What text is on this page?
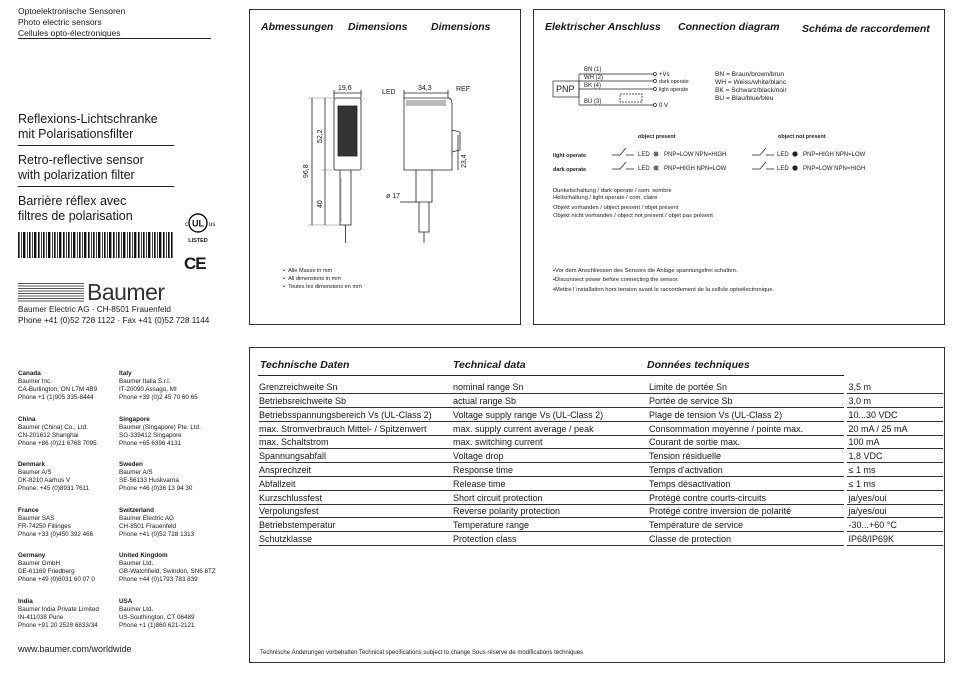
Optoelektronische Sensoren
Photo electric sensors
Cellules opto-électroniques
Reflexions-Lichtschranke
mit Polarisationsfilter
Retro-reflective sensor
with polarization filter
Barrière réflex avec
filtres de polarisation
UL
c	us
LISTED
CE
Baumer
Baumer Electric AG · CH-8501 Frauenfeld
Phone +41 (0)52 728 1122 · Fax +41 (0)52 728 1144
Canada
Baumer Inc.
CA-Burlington, ON L7M 4B9
Phone +1 (1)905 335-8444
Italy
Baumer Italia S.r.l.
IT-20090 Assago, MI
Phone +39 (0)2 45 70 60 65
China
Baumer (China) Co., Ltd.
CN-201612 Shanghai
Phone +86 (0)21 6768 7095
Singapore
Baumer (Singapore) Pte. Ltd.
SG-339412 Singapore
Phone +65 6396 4131
Denmark
Baumer A/S
DK-8210 Aarhus V
Phone: +45 (0)8931 7611
Sweden
Baumer A/S
SE-56133 Huskvarna
Phone +46 (0)36 13 94 30
France
Baumer SAS
FR-74250 Fillinges
Phone +33 (0)450 392 466
Switzerland
Baumer Electric AG
CH-8501 Frauenfeld
Phone +41 (0)52 728 1313
Germany
Baumer GmbH
DE-61169 Friedberg
Phone +49 (0)6031 60 07 0
United Kingdom
Baumer Ltd.
GB-Watchfield, Swindon, SN6 8TZ
Phone +44 (0)1793 783 839
India
Baumer India Private Limited
IN-411038 Pune
Phone +91 20 2528 6833/34
USA
Baumer Ltd.
US-Southington, CT 06489
Phone +1 (1)860 621-2121
www.baumer.com/worldwide
Abmessungen Dimensions Dimensions
19,6
LED
34,3	REF
96,8
52,2
40
23,4
ø 17
•  Alle Masse in mm
•  All dimensions in mm
•  Toutes les dimensions en mm
Elektrischer Anschluss Connection diagram Schéma de raccordement
PNP
BN (1)
WH (2)
BK (4)
BU (3)
+Vs
dark operate
light operate
0 V
BN = Braun/brown/brun
WH = Weiss/white/blanc
BK = Schwarz/black/noir
BU = Blau/blue/bleu
object present	object not present
light operate
dark operate
LED
LED
LED
LED
PNP=LOW NPN=HIGH
PNP=HIGH NPN=LOW
PNP=HIGH NPN=LOW
PNP=LOW NPN=HIGH
Dunkelschaltung / dark operate / com. sombre
Hellschaltung / light operate / com. claire
Objekt vorhanden / object present / objet présent
Objekt nicht vorhanden / object not present / objet pas présent
•Vor dem Anschliessen des Sensors die Anlage spannungsfrei schalten.
•Disconnect power before connecting the sensor.
•Mettre l´installation hors tension avant le raccordement de la cellule optoélectronique.
Technische Daten	Technical data	Données techniques
Grenzreichweite Sn	nominal range Sn	Limite de portée Sn	3,5 m
Betriebsreichweite Sb	actual range Sb	Portée de service Sb	3,0 m
Betriebsspannungsbereich Vs (UL-Class 2)	Voltage supply range Vs (UL-Class 2)	Plage de tension Vs (UL-Class 2)	10...30 VDC
max. Stromverbrauch Mittel- / Spitzenwert	max. supply current average / peak	Consommation moyenne / pointe max.	20 mA / 25 mA
max. Schaltstrom	max. switching current	Courant de sortie max.	100 mA
Spannungsabfall	Voltage drop	Tension résiduelle	1,8 VDC
Ansprechzeit	Response time	Temps d'activation	≤ 1 ms
Abfallzeit	Release time	Temps désactivation	≤ 1 ms
Kurzschlussfest	Short circuit protection	Protégé contre courts-circuits	ja/yes/oui
Verpolungsfest	Reverse polarity protection	Protégé contre inversion de polarité	ja/yes/oui
Betriebstemperatur	Temperature range	Température de service	-30...+60 °C
Schutzklasse	Protection class	Classe de protection	IP68/IP69K
Technische Änderungen vorbehalten Technical specifications subject to change Sous réserve de modifications techniques
